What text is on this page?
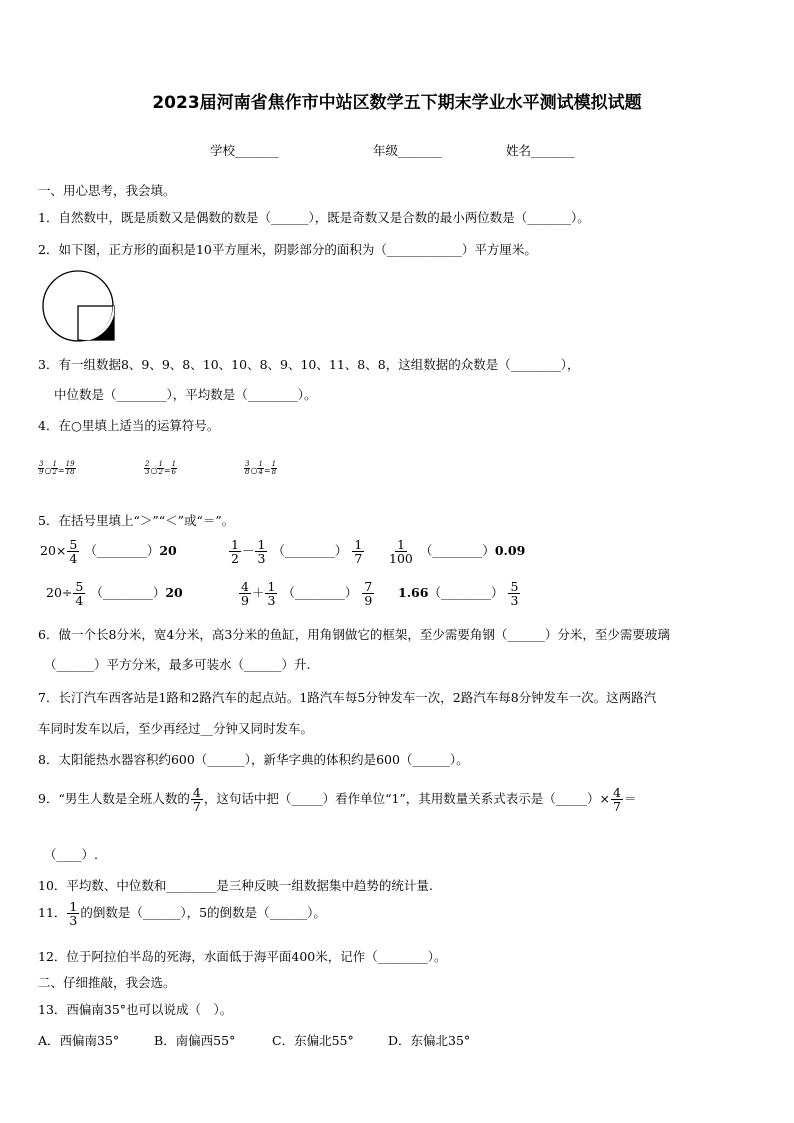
2023届河南省焦作市中站区数学五下期末学业水平测试模拟试题
学校_______	年级_______	姓名_______
一、用心思考，我会填。
1．自然数中，既是质数又是偶数的数是（______），既是奇数又是合数的最小两位数是（_______）。
2．如下图，正方形的面积是10平方厘米，阴影部分的面积为（____________）平方厘米。
3．有一组数据8、9、9、8、10、10、8、9、10、11、8、8，这组数据的众数是（________），
中位数是（________），平均数是（________）。
4．在○里填上适当的运算符号。
$\frac{3}{9}$ ○ $\frac{1}{2} = \frac{19}{18}$	$\frac{2}{3}$ ○ $\frac{1}{2} = \frac{1}{6}$	$\frac{3}{8}$ ○ $\frac{1}{4} = \frac{1}{8}$
5．在括号里填上“＞”“＜”或“＝”。
$20\times \frac{5}{4}$ （________）20	$\frac{1}{2} - \frac{1}{3}$ （________） $\frac{1}{7} \frac{1}{100}$ （________）0.09
$20\div \frac{5}{4}$ （________）20	$\frac{4}{9} + \frac{1}{3}$ （________） $\frac{7}{9}$ 1.66（________） $\frac{5}{3}$
6．做一个长8分米，宽4分米，高3分米的鱼缸，用角钢做它的框架，至少需要角钢（______）分米，至少需要玻璃
（______）平方分米，最多可装水（______）升.
7．长汀汽车西客站是1路和2路汽车的起点站。1路汽车每5分钟发车一次，2路汽车每8分钟发车一次。这两路汽
车同时发车以后，至少再经过__分钟又同时发车。
8．太阳能热水器容积约600（______），新华字典的体积约是600（______）。
9．“男生人数是全班人数的 $\frac{4}{7}$ ，这句话中把（_____）看作单位“1”，其用数量关系式表示是（_____）× $\frac{4}{7}$ ＝
（____）.
10．平均数、中位数和________是三种反映一组数据集中趋势的统计量.
11． $\frac{1}{3}$ 的倒数是（______），5的倒数是（______）。
12．位于阿拉伯半岛的死海，水面低于海平面400米，记作（________）。
二、仔细推敲，我会选。
13．西偏南35°也可以说成（　）。
A．西偏南35°	B．南偏西55°	C．东偏北55°	D．东偏北35°
